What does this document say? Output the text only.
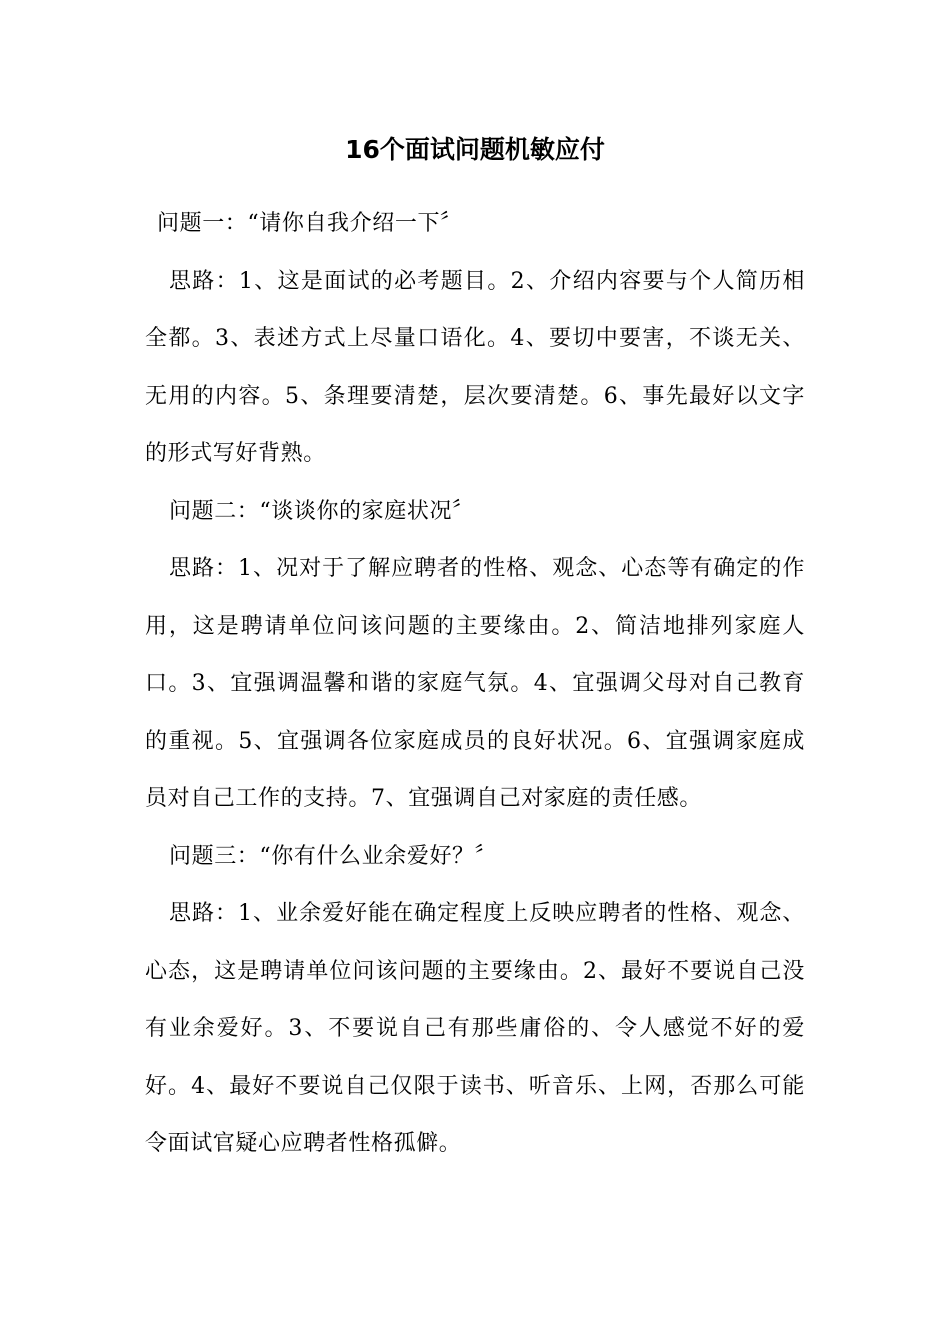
16个面试问题机敏应付

问题一：“请你自我介绍一下〞

思路：1、这是面试的必考题目。2、介绍内容要与个人简历相全都。3、表述方式上尽量口语化。4、要切中要害，不谈无关、无用的内容。5、条理要清楚，层次要清楚。6、事先最好以文字的形式写好背熟。

问题二：“谈谈你的家庭状况〞

思路：1、况对于了解应聘者的性格、观念、心态等有确定的作用，这是聘请单位问该问题的主要缘由。2、简洁地排列家庭人口。3、宜强调温馨和谐的家庭气氛。4、宜强调父母对自己教育的重视。5、宜强调各位家庭成员的良好状况。6、宜强调家庭成员对自己工作的支持。7、宜强调自己对家庭的责任感。

问题三：“你有什么业余爱好？〞

思路：1、业余爱好能在确定程度上反映应聘者的性格、观念、心态，这是聘请单位问该问题的主要缘由。2、最好不要说自己没有业余爱好。3、不要说自己有那些庸俗的、令人感觉不好的爱好。4、最好不要说自己仅限于读书、听音乐、上网，否那么可能令面试官疑心应聘者性格孤僻。
